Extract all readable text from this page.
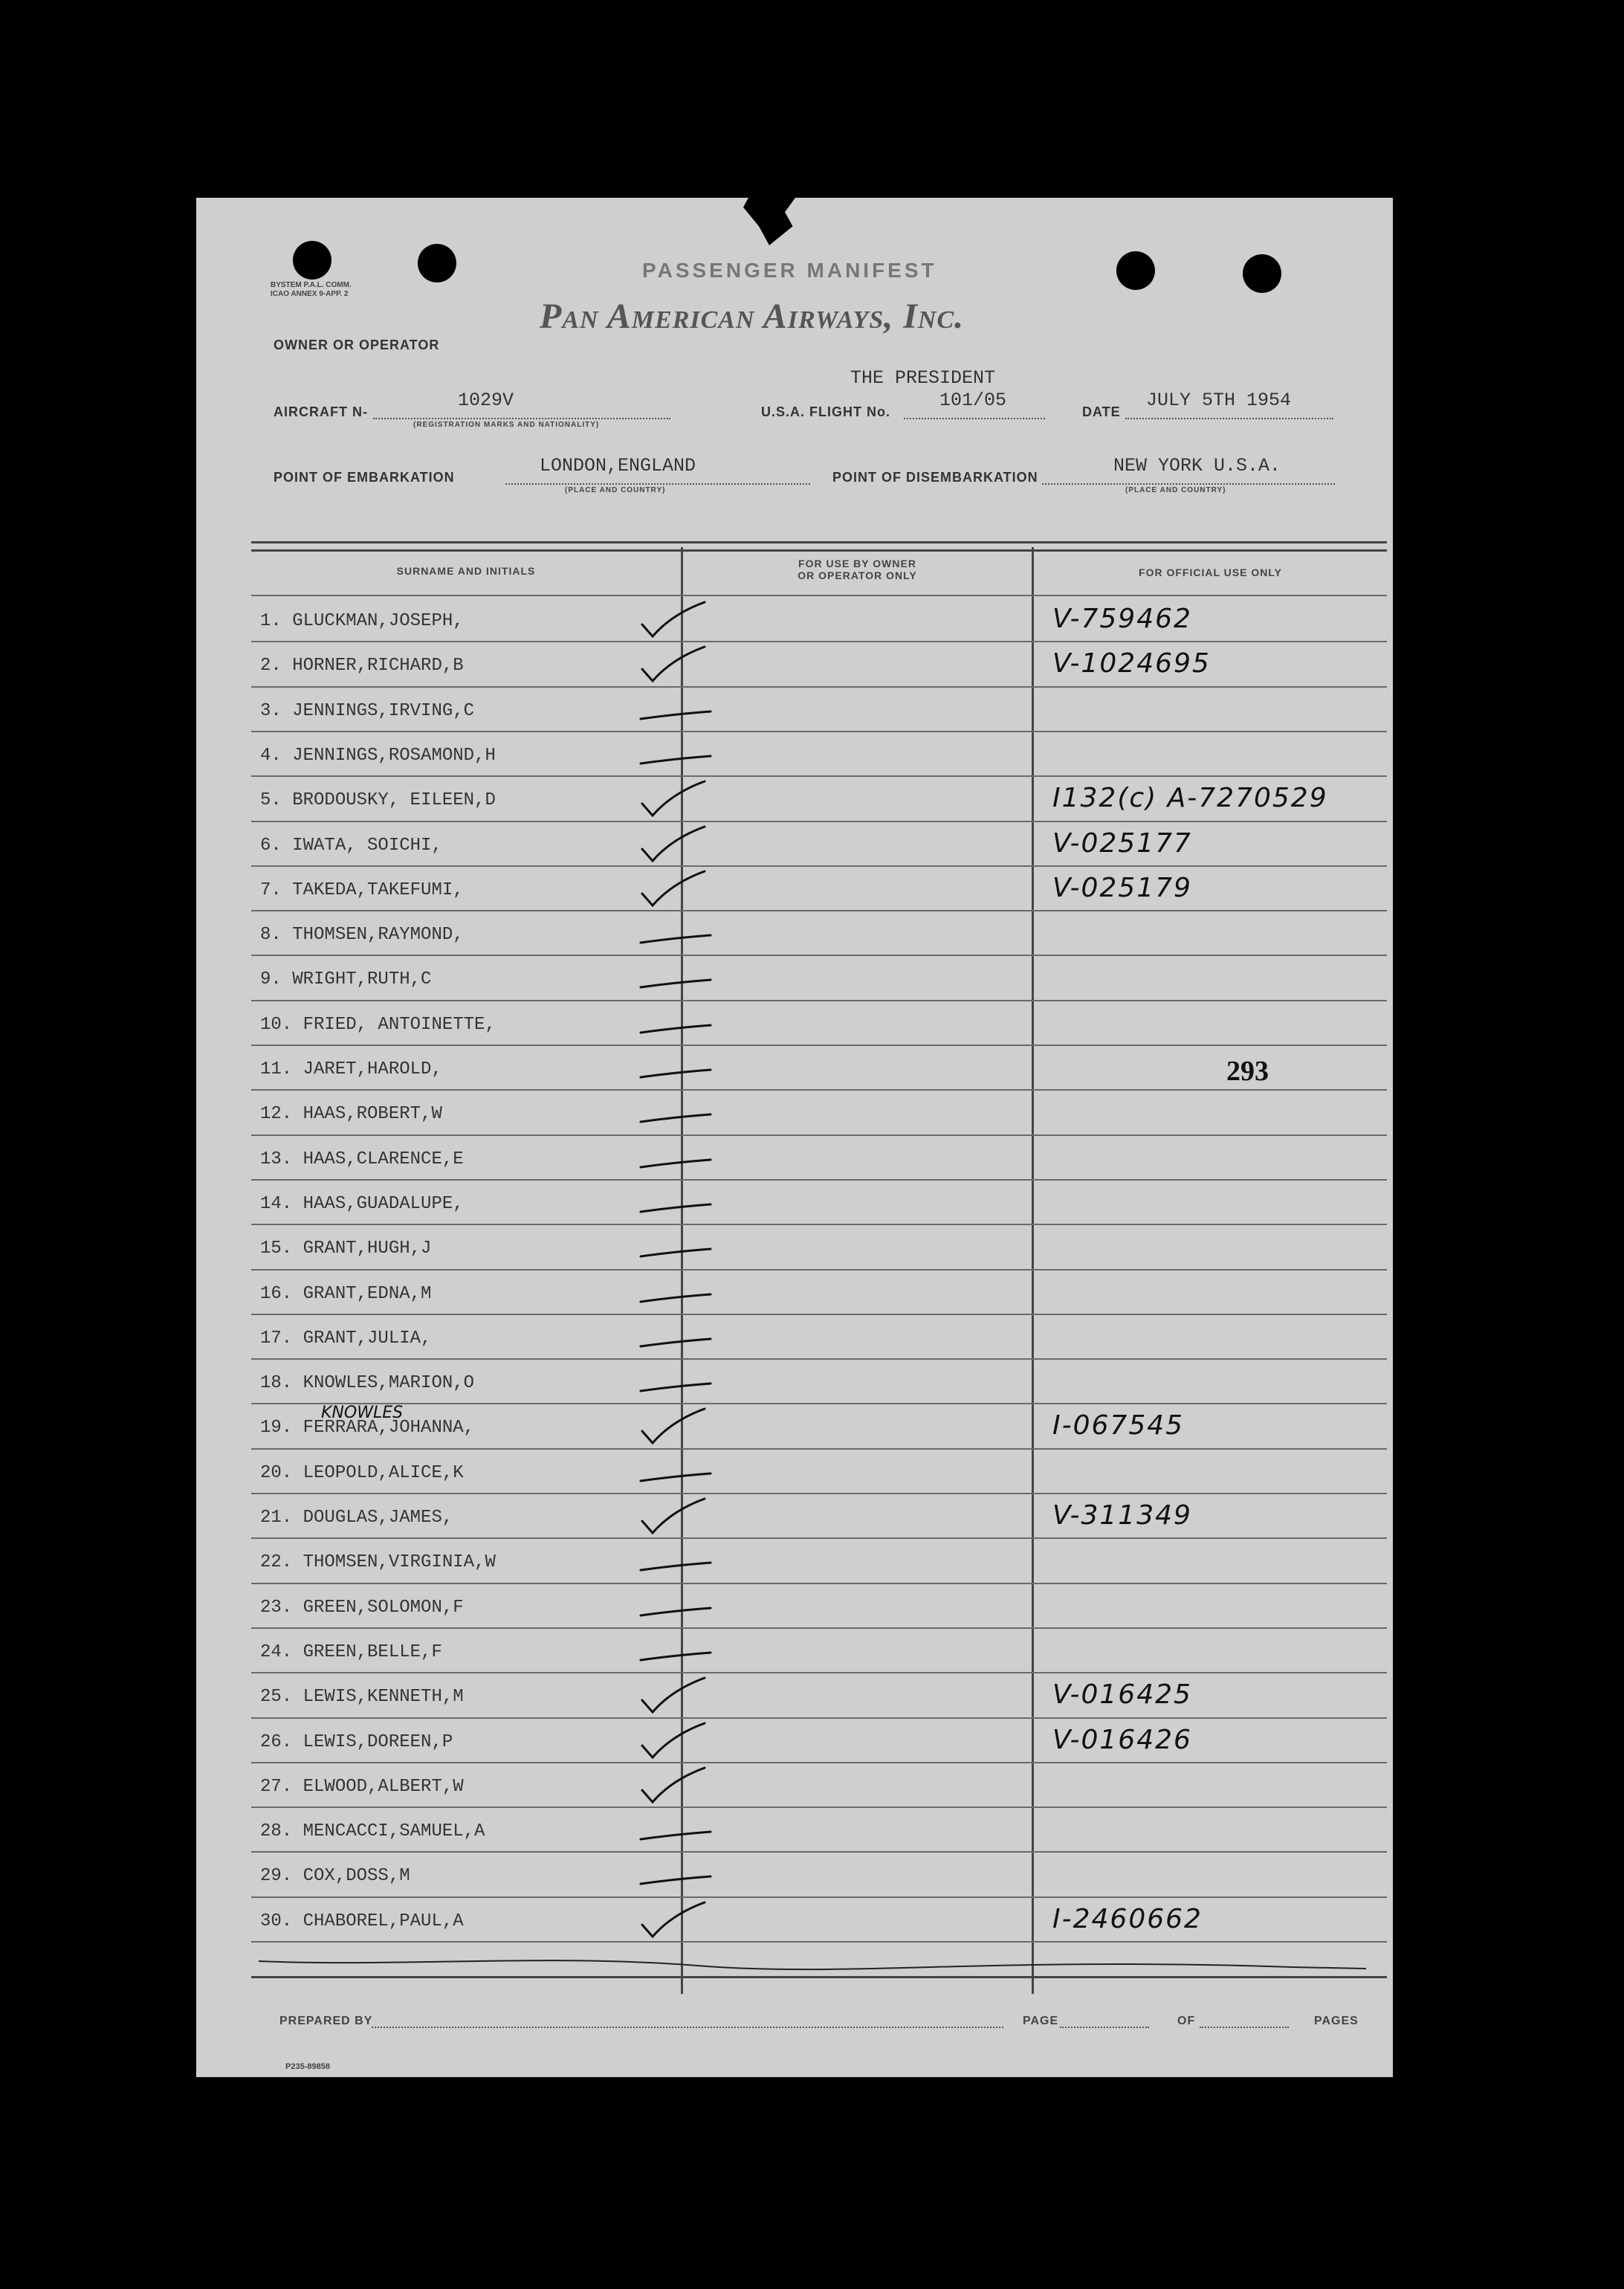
BYSTEM P.A.L. COMM.
ICAO ANNEX 9-APP. 2
PASSENGER MANIFEST
Pan American Airways, Inc.
OWNER OR OPERATOR
THE PRESIDENT
AIRCRAFT N-
1029V
(REGISTRATION MARKS AND NATIONALITY)
U.S.A. FLIGHT No.
101/05
DATE
JULY 5TH 1954
POINT OF EMBARKATION
LONDON,ENGLAND
(PLACE AND COUNTRY)
POINT OF DISEMBARKATION
NEW YORK U.S.A.
(PLACE AND COUNTRY)
SURNAME AND INITIALS
FOR USE BY OWNER
OR OPERATOR ONLY	FOR OFFICIAL USE ONLY
1. GLUCKMAN,JOSEPH,	V-759462
2. HORNER,RICHARD,B	V-1024695
3. JENNINGS,IRVING,C
4. JENNINGS,ROSAMOND,H
5. BRODOUSKY, EILEEN,D	I132(c) A-7270529
6. IWATA, SOICHI,	V-025177
7. TAKEDA,TAKEFUMI,	V-025179
8. THOMSEN,RAYMOND,
9. WRIGHT,RUTH,C
10. FRIED, ANTOINETTE,
11. JARET,HAROLD,	293
12. HAAS,ROBERT,W
13. HAAS,CLARENCE,E
14. HAAS,GUADALUPE,
15. GRANT,HUGH,J
16. GRANT,EDNA,M
17. GRANT,JULIA,
18. KNOWLES,MARION,O
19. FERRARA,JOHANNA,	I-067545
20. LEOPOLD,ALICE,K
21. DOUGLAS,JAMES,	V-311349
22. THOMSEN,VIRGINIA,W
23. GREEN,SOLOMON,F
24. GREEN,BELLE,F
25. LEWIS,KENNETH,M	V-016425
26. LEWIS,DOREEN,P	V-016426
27. ELWOOD,ALBERT,W
28. MENCACCI,SAMUEL,A
29. COX,DOSS,M
30. CHABOREL,PAUL,A	I-2460662
KNOWLES
PREPARED BY	PAGE	OF	PAGES
P235-89858
